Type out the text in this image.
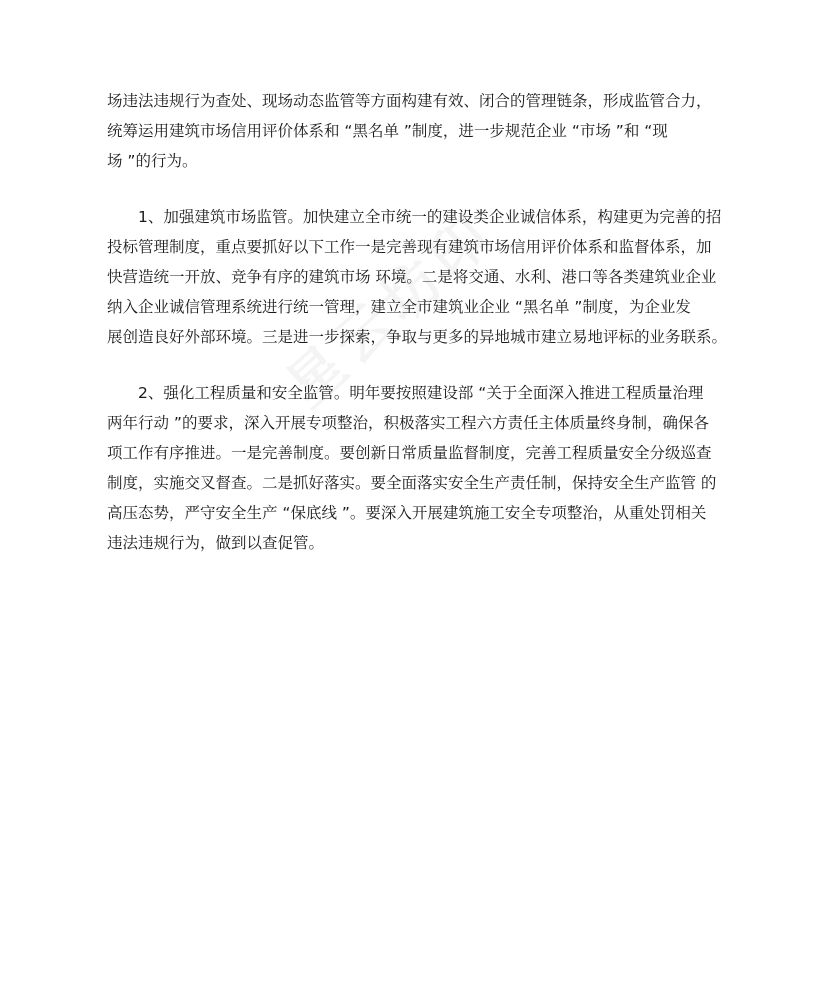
场违法违规行为查处、现场动态监管等方面构建有效、闭合的管理链条，形成监管合力，
统筹运用建筑市场信用评价体系和 “黑名单 ”制度，进一步规范企业 “市场 ”和 “现
场 ”的行为。
1、加强建筑市场监管。加快建立全市统一的建设类企业诚信体系，构建更为完善的招
投标管理制度，重点要抓好以下工作一是完善现有建筑市场信用评价体系和监督体系，加
快营造统一开放、竞争有序的建筑市场 环境。二是将交通、水利、港口等各类建筑业企业
纳入企业诚信管理系统进行统一管理，建立全市建筑业企业 “黑名单 ”制度，为企业发
展创造良好外部环境。三是进一步探索，争取与更多的异地城市建立易地评标的业务联系。
2、强化工程质量和安全监管。明年要按照建设部 “关于全面深入推进工程质量治理
两年行动 ”的要求，深入开展专项整治，积极落实工程六方责任主体质量终身制，确保各
项工作有序推进。一是完善制度。要创新日常质量监督制度，完善工程质量安全分级巡查
制度，实施交叉督查。二是抓好落实。要全面落实安全生产责任制，保持安全生产监管 的
高压态势，严守安全生产 “保底线 ”。要深入开展建筑施工安全专项整治，从重处罚相关
违法违规行为，做到以查促管。
